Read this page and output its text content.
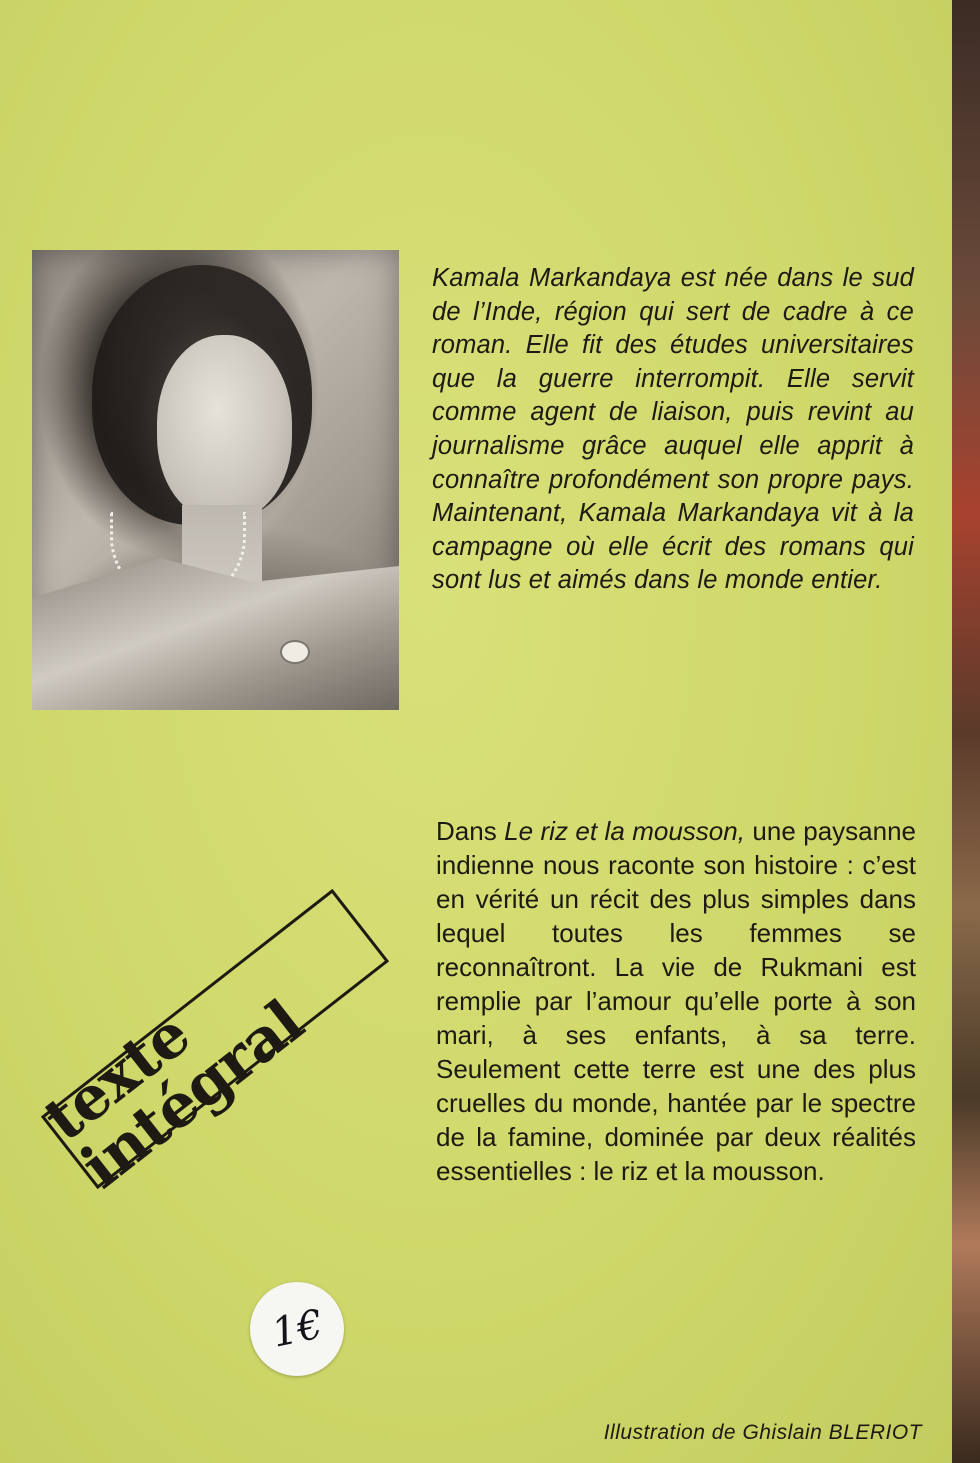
Kamala Markandaya est née dans le sud de l’Inde, région qui sert de cadre à ce roman. Elle fit des études universitaires que la guerre interrompit. Elle servit comme agent de liaison, puis revint au journalisme grâce auquel elle apprit à connaître profondément son propre pays. Maintenant, Kamala Markandaya vit à la campagne où elle écrit des romans qui sont lus et aimés dans le monde entier.

Dans Le riz et la mousson, une paysanne indienne nous raconte son histoire : c’est en vérité un récit des plus simples dans lequel toutes les femmes se reconnaîtront. La vie de Rukmani est remplie par l’amour qu’elle porte à son mari, à ses enfants, à sa terre. Seulement cette terre est une des plus cruelles du monde, hantée par le spectre de la famine, dominée par deux réalités essentielles : le riz et la mousson.

texte intégral
1€
Illustration de Ghislain BLERIOT
